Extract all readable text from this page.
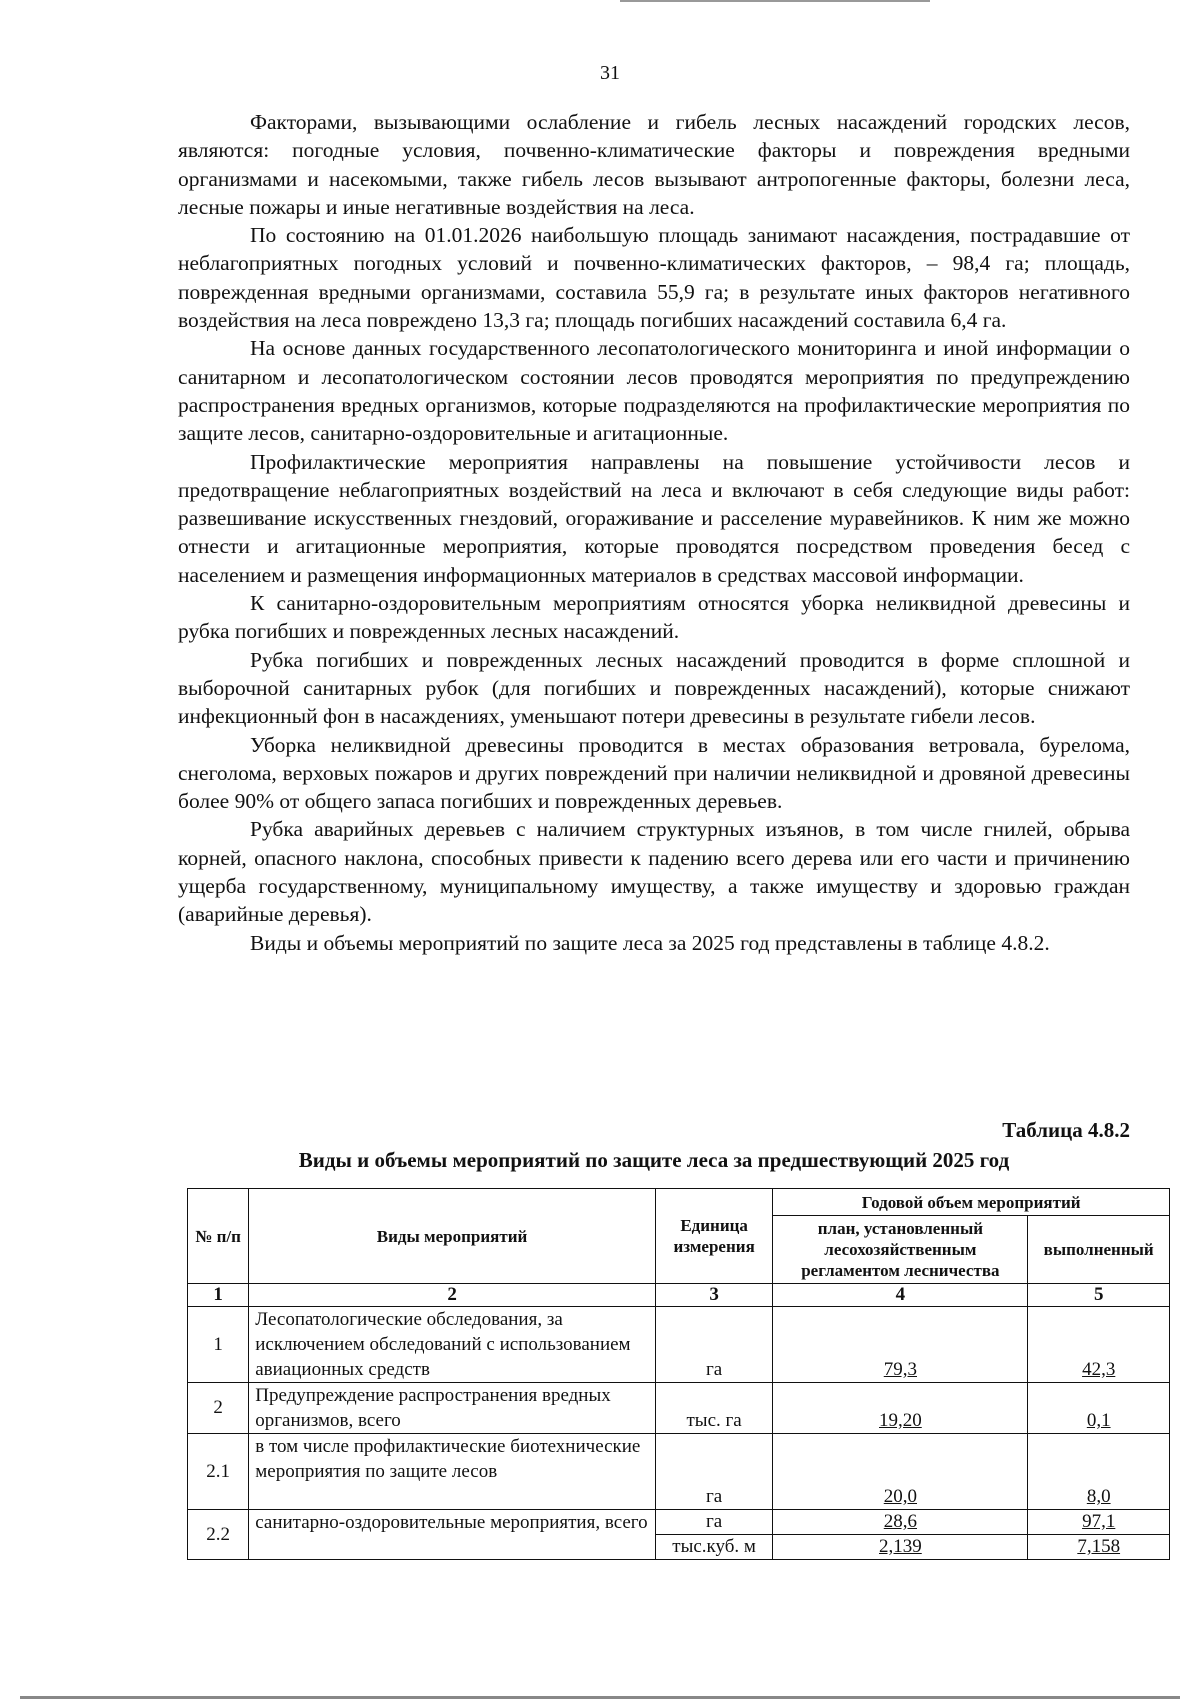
31

Факторами, вызывающими ослабление и гибель лесных насаждений городских лесов, являются: погодные условия, почвенно-климатические факторы и повреждения вредными организмами и насекомыми, также гибель лесов вызывают антропогенные факторы, болезни леса, лесные пожары и иные негативные воздействия на леса.

По состоянию на 01.01.2026 наибольшую площадь занимают насаждения, пострадавшие от неблагоприятных погодных условий и почвенно-климатических факторов, – 98,4 га; площадь, поврежденная вредными организмами, составила 55,9 га; в результате иных факторов негативного воздействия на леса повреждено 13,3 га; площадь погибших насаждений составила 6,4 га.

На основе данных государственного лесопатологического мониторинга и иной информации о санитарном и лесопатологическом состоянии лесов проводятся мероприятия по предупреждению распространения вредных организмов, которые подразделяются на профилактические мероприятия по защите лесов, санитарно-оздоровительные и агитационные.

Профилактические мероприятия направлены на повышение устойчивости лесов и предотвращение неблагоприятных воздействий на леса и включают в себя следующие виды работ: развешивание искусственных гнездовий, огораживание и расселение муравейников. К ним же можно отнести и агитационные мероприятия, которые проводятся посредством проведения бесед с населением и размещения информационных материалов в средствах массовой информации.

К санитарно-оздоровительным мероприятиям относятся уборка неликвидной древесины и рубка погибших и поврежденных лесных насаждений.

Рубка погибших и поврежденных лесных насаждений проводится в форме сплошной и выборочной санитарных рубок (для погибших и поврежденных насаждений), которые снижают инфекционный фон в насаждениях, уменьшают потери древесины в результате гибели лесов.

Уборка неликвидной древесины проводится в местах образования ветровала, бурелома, снеголома, верховых пожаров и других повреждений при наличии неликвидной и дровяной древесины более 90% от общего запаса погибших и поврежденных деревьев.

Рубка аварийных деревьев с наличием структурных изъянов, в том числе гнилей, обрыва корней, опасного наклона, способных привести к падению всего дерева или его части и причинению ущерба государственному, муниципальному имуществу, а также имуществу и здоровью граждан (аварийные деревья).

Виды и объемы мероприятий по защите леса за 2025 год представлены в таблице 4.8.2.

Таблица 4.8.2
Виды и объемы мероприятий по защите леса за предшествующий 2025 год
№ п/п	Виды мероприятий	Единица измерения	Годовой объем мероприятий	
			план, установленный лесохозяйственным регламентом лесничества	выполненный
1	2	3	4	5
1	Лесопатологические обследования, за исключением обследований с использованием авиационных средств	га	79,3	42,3
2	Предупреждение распространения вредных организмов, всего	тыс. га	19,20	0,1
2.1	в том числе профилактические биотехнические мероприятия по защите лесов	га	20,0	8,0
2.2	санитарно-оздоровительные мероприятия, всего	га	28,6	97,1
		тыс.куб. м	2,139	7,158
